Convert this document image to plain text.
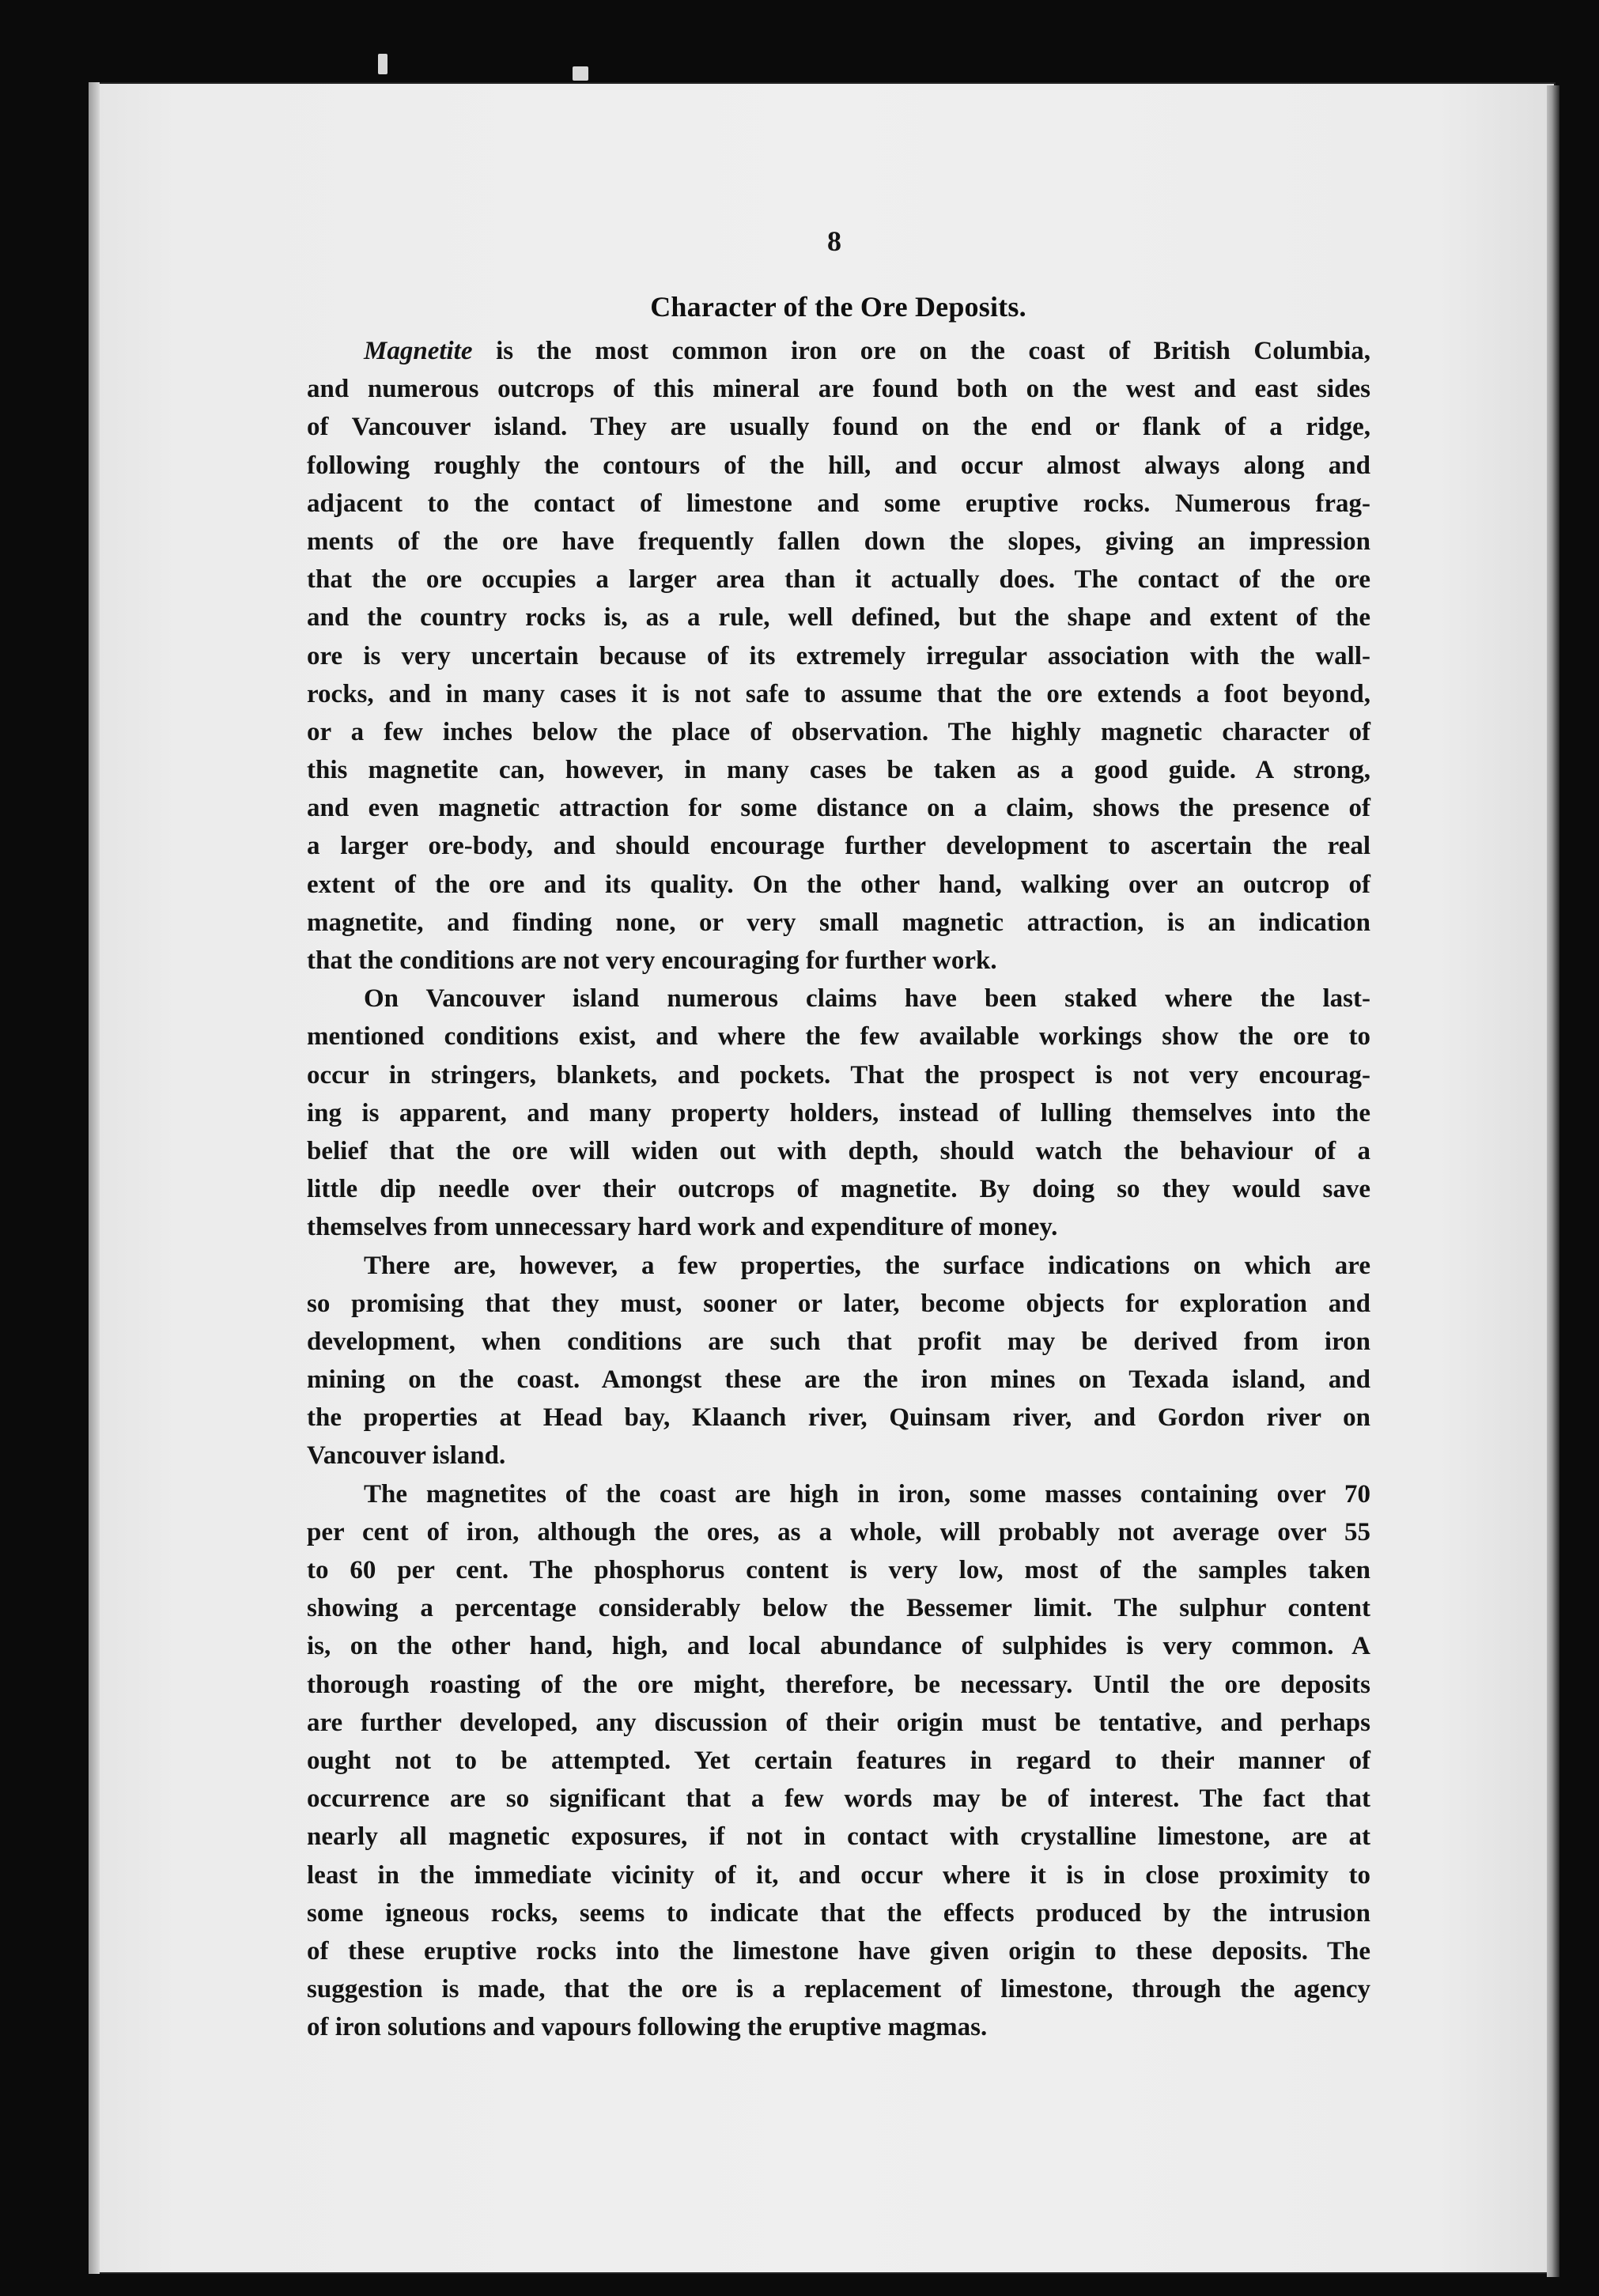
8
Character of the Ore Deposits.
Magnetite is the most common iron ore on the coast of British Columbia,
and numerous outcrops of this mineral are found both on the west and east sides
of Vancouver island. They are usually found on the end or flank of a ridge,
following roughly the contours of the hill, and occur almost always along and
adjacent to the contact of limestone and some eruptive rocks. Numerous frag-
ments of the ore have frequently fallen down the slopes, giving an impression
that the ore occupies a larger area than it actually does. The contact of the ore
and the country rocks is, as a rule, well defined, but the shape and extent of the
ore is very uncertain because of its extremely irregular association with the wall-
rocks, and in many cases it is not safe to assume that the ore extends a foot beyond,
or a few inches below the place of observation. The highly magnetic character of
this magnetite can, however, in many cases be taken as a good guide. A strong,
and even magnetic attraction for some distance on a claim, shows the presence of
a larger ore-body, and should encourage further development to ascertain the real
extent of the ore and its quality. On the other hand, walking over an outcrop of
magnetite, and finding none, or very small magnetic attraction, is an indication
that the conditions are not very encouraging for further work.
On Vancouver island numerous claims have been staked where the last-
mentioned conditions exist, and where the few available workings show the ore to
occur in stringers, blankets, and pockets. That the prospect is not very encourag-
ing is apparent, and many property holders, instead of lulling themselves into the
belief that the ore will widen out with depth, should watch the behaviour of a
little dip needle over their outcrops of magnetite. By doing so they would save
themselves from unnecessary hard work and expenditure of money.
There are, however, a few properties, the surface indications on which are
so promising that they must, sooner or later, become objects for exploration and
development, when conditions are such that profit may be derived from iron
mining on the coast. Amongst these are the iron mines on Texada island, and
the properties at Head bay, Klaanch river, Quinsam river, and Gordon river on
Vancouver island.
The magnetites of the coast are high in iron, some masses containing over 70
per cent of iron, although the ores, as a whole, will probably not average over 55
to 60 per cent. The phosphorus content is very low, most of the samples taken
showing a percentage considerably below the Bessemer limit. The sulphur content
is, on the other hand, high, and local abundance of sulphides is very common. A
thorough roasting of the ore might, therefore, be necessary. Until the ore deposits
are further developed, any discussion of their origin must be tentative, and perhaps
ought not to be attempted. Yet certain features in regard to their manner of
occurrence are so significant that a few words may be of interest. The fact that
nearly all magnetic exposures, if not in contact with crystalline limestone, are at
least in the immediate vicinity of it, and occur where it is in close proximity to
some igneous rocks, seems to indicate that the effects produced by the intrusion
of these eruptive rocks into the limestone have given origin to these deposits. The
suggestion is made, that the ore is a replacement of limestone, through the agency
of iron solutions and vapours following the eruptive magmas.
